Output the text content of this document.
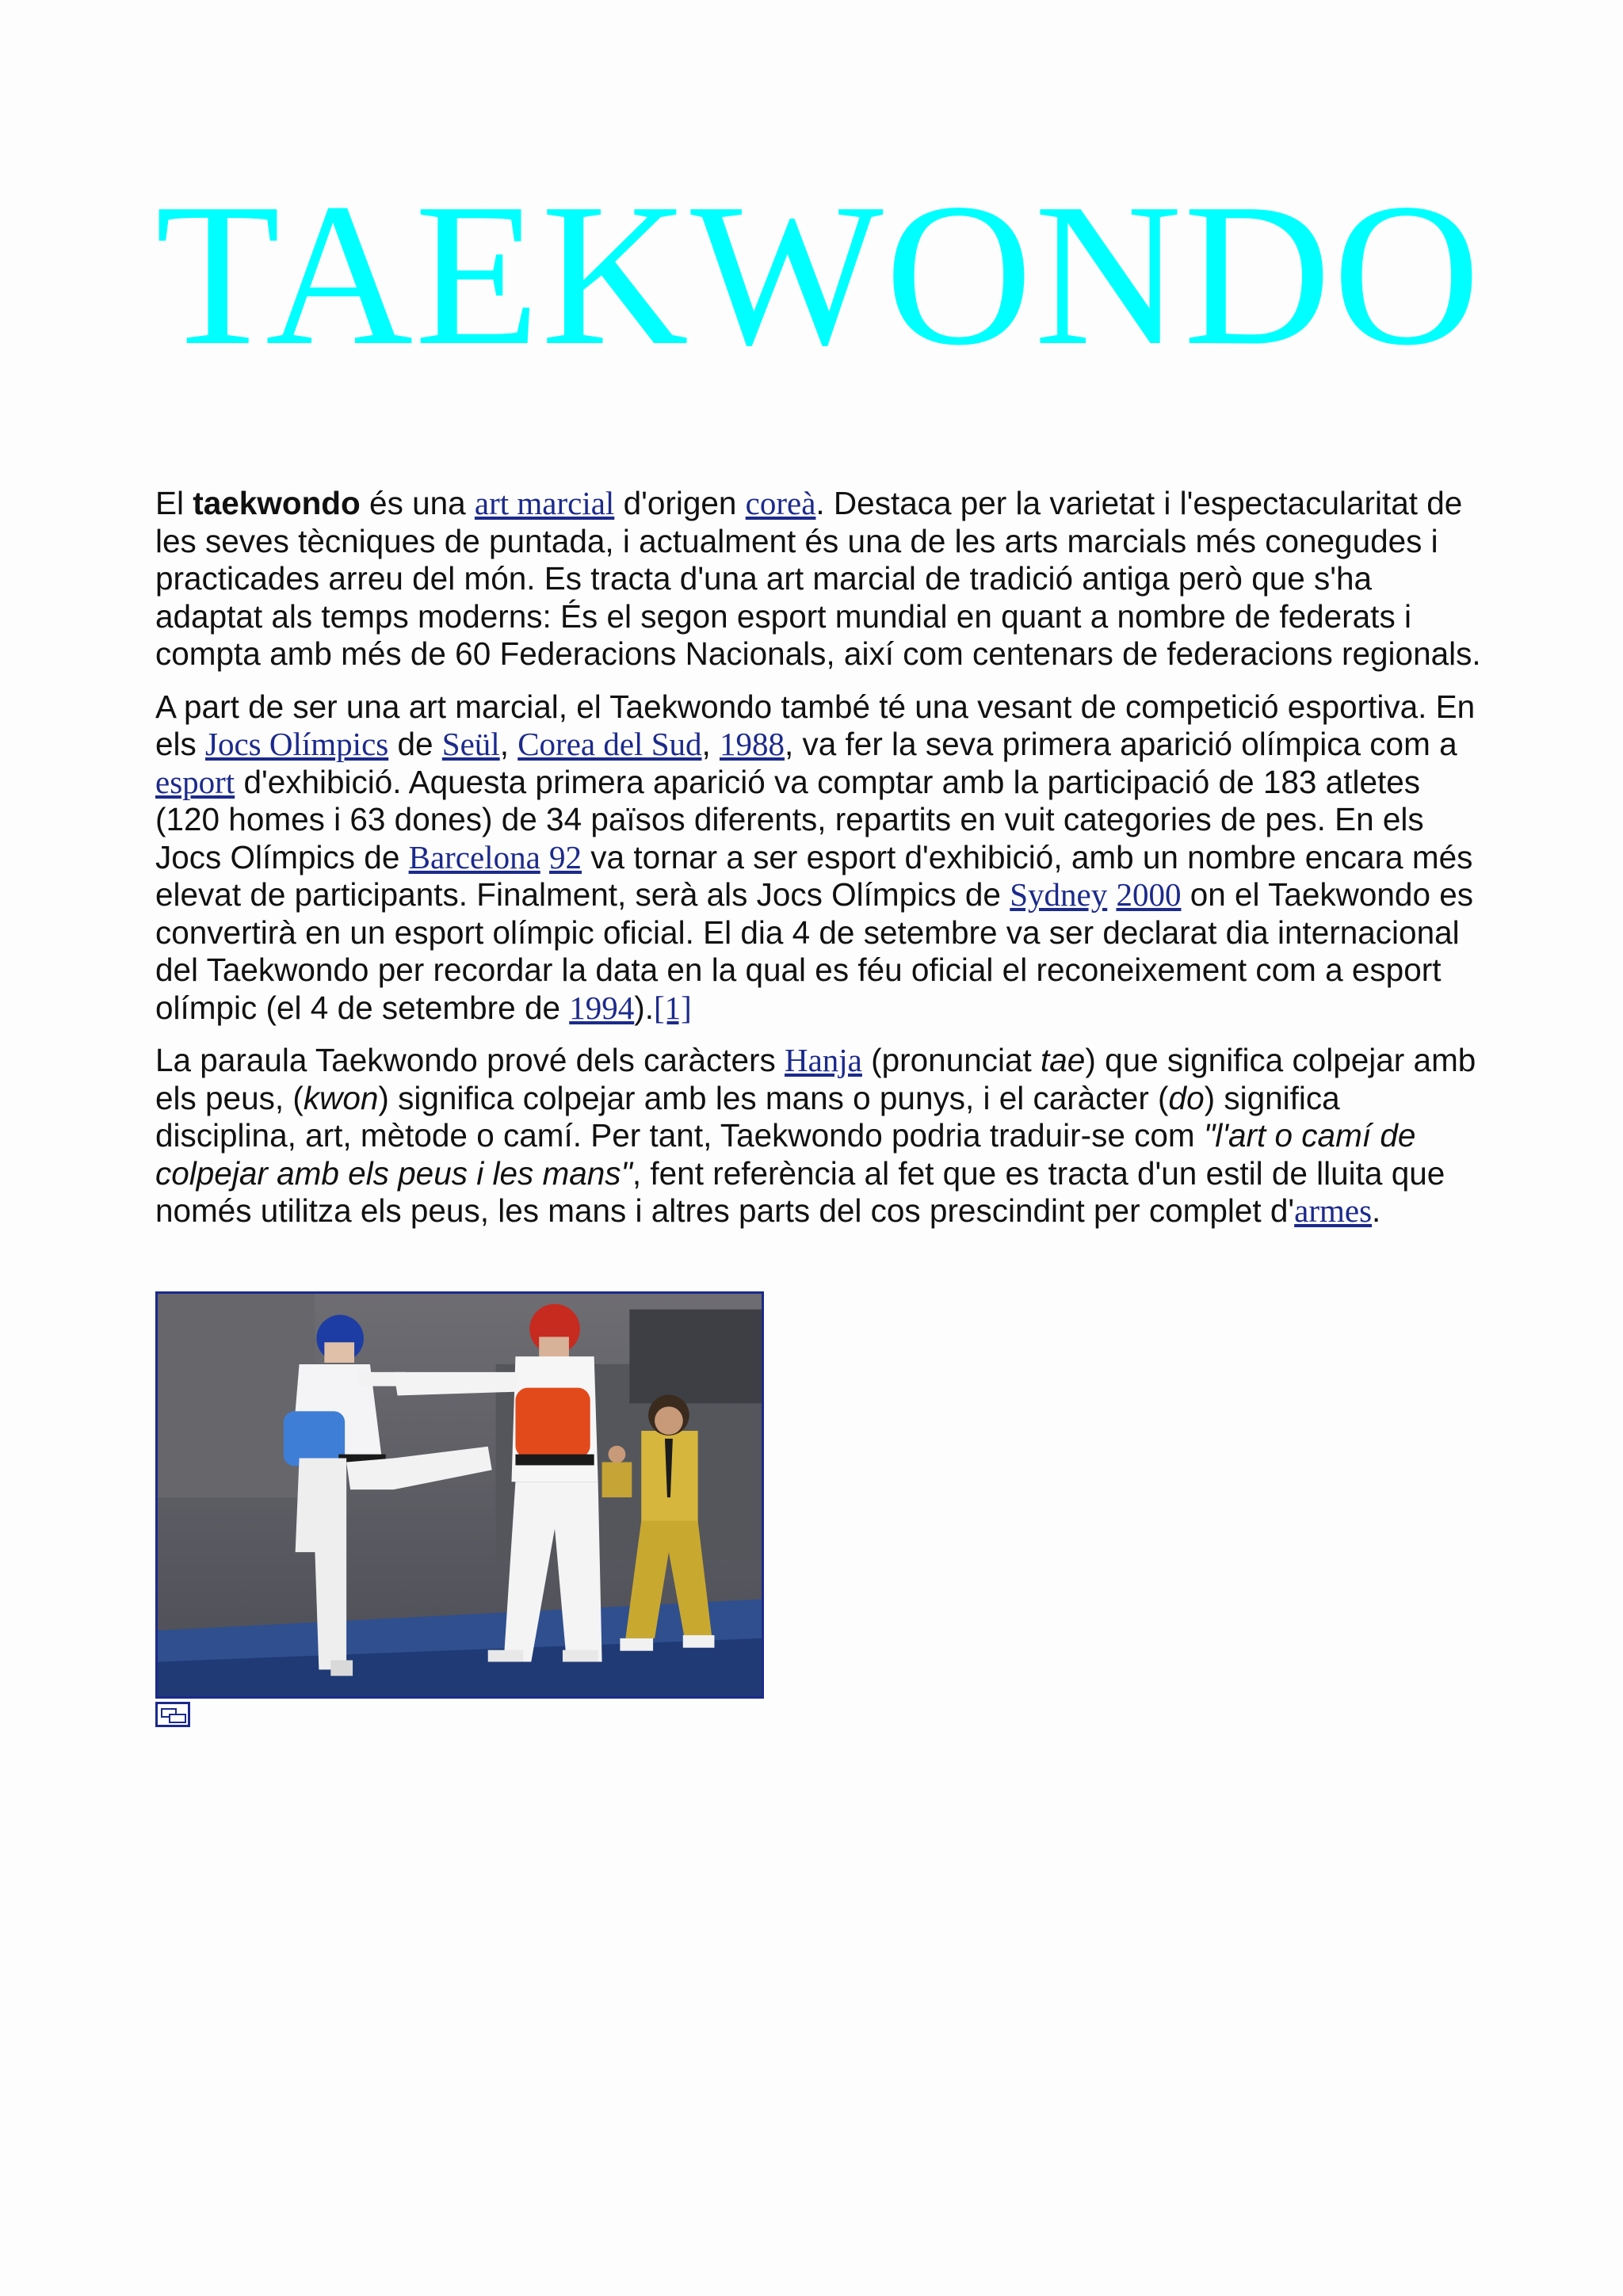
TAEKWONDO

El taekwondo és una art marcial d'origen coreà. Destaca per la varietat i l'espectacularitat de les seves tècniques de puntada, i actualment és una de les arts marcials més conegudes i practicades arreu del món. Es tracta d'una art marcial de tradició antiga però que s'ha adaptat als temps moderns: És el segon esport mundial en quant a nombre de federats i compta amb més de 60 Federacions Nacionals, així com centenars de federacions regionals.

A part de ser una art marcial, el Taekwondo també té una vesant de competició esportiva. En els Jocs Olímpics de Seül, Corea del Sud, 1988, va fer la seva primera aparició olímpica com a esport d'exhibició. Aquesta primera aparició va comptar amb la participació de 183 atletes (120 homes i 63 dones) de 34 països diferents, repartits en vuit categories de pes. En els Jocs Olímpics de Barcelona 92 va tornar a ser esport d'exhibició, amb un nombre encara més elevat de participants. Finalment, serà als Jocs Olímpics de Sydney 2000 on el Taekwondo es convertirà en un esport olímpic oficial. El dia 4 de setembre va ser declarat dia internacional del Taekwondo per recordar la data en la qual es féu oficial el reconeixement com a esport olímpic (el 4 de setembre de 1994).[1]

La paraula Taekwondo prové dels caràcters Hanja (pronunciat tae) que significa colpejar amb els peus, (kwon) significa colpejar amb les mans o punys, i el caràcter (do) significa disciplina, art, mètode o camí. Per tant, Taekwondo podria traduir-se com "l'art o camí de colpejar amb els peus i les mans", fent referència al fet que es tracta d'un estil de lluita que només utilitza els peus, les mans i altres parts del cos prescindint per complet d'armes.
